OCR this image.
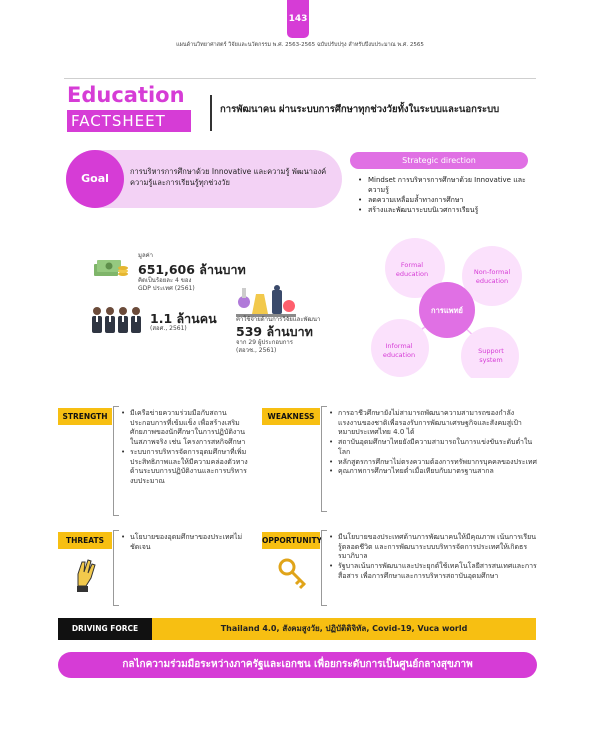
143
แผนด้านวิทยาศาสตร์ วิจัยและนวัตกรรม พ.ศ. 2563-2565 ฉบับปรับปรุง สำหรับปีงบประมาณ พ.ศ. 2565
Education
FACTSHEET
การพัฒนาคน ผ่านระบบการศึกษาทุกช่วงวัยทั้งในระบบและนอกระบบ
Goal
การบริหารการศึกษาด้วย Innovative และความรู้ พัฒนาองค์ความรู้และการเรียนรู้ทุกช่วงวัย
Strategic direction
• Mindset การบริหารการศึกษาด้วย Innovative และความรู้
• ลดความเหลื่อมล้ำทางการศึกษา
• สร้างและพัฒนาระบบนิเวศการเรียนรู้
มูลค่า
651,606 ล้านบาท
คิดเป็นร้อยละ 4 ของ
GDP ประเทศ (2561)
1.1 ล้านคน
(สอศ., 2561)
ค่าใช้จ่ายด้านการวิจัยและพัฒนา
539 ล้านบาท
จาก 29 ผู้ประกอบการ
(สอวช., 2561)
การแพทย์
Formal education	Non-formal education
Informal education	Support system
STRENGTH	• มีเครือข่ายความร่วมมือกับสถานประกอบการที่เข้มแข็ง เพื่อสร้างเสริมศักยภาพของนักศึกษาในการปฏิบัติงานในสภาพจริง เช่น โครงการสหกิจศึกษา
• ระบบการบริหารจัดการอุดมศึกษาที่เพิ่มประสิทธิภาพและให้มีความคล่องตัวทางด้านระบบการปฏิบัติงานและการบริหารงบประมาณ
WEAKNESS	• การอาชีวศึกษายังไม่สามารถพัฒนาความสามารถของกำลังแรงงานของชาติเพื่อรองรับการพัฒนาเศรษฐกิจและสังคมสู่เป้าหมายประเทศไทย 4.0 ได้
• สถาบันอุดมศึกษาไทยยังมีความสามารถในการแข่งขันระดับต่ำในโลก
• หลักสูตรการศึกษาไม่ตรงความต้องการทรัพยากรบุคคลของประเทศ
• คุณภาพการศึกษาไทยต่ำเมื่อเทียบกับมาตรฐานสากล
THREATS	• นโยบายของอุดมศึกษาของประเทศไม่ชัดเจน
OPPORTUNITY	• มีนโยบายของประเทศด้านการพัฒนาคนให้มีคุณภาพ เน้นการเรียนรู้ตลอดชีวิต และการพัฒนาระบบบริหารจัดการประเทศให้เกิดธรรมาภิบาล
• รัฐบาลเน้นการพัฒนาและประยุกต์ใช้เทคโนโลยีสารสนเทศและการสื่อสาร เพื่อการศึกษาและการบริหารสถาบันอุดมศึกษา
DRIVING FORCE	Thailand 4.0, สังคมสูงวัย, ปฏิบัติดิจิทัล, Covid-19, Vuca world
กลไกความร่วมมือระหว่างภาครัฐและเอกชน เพื่อยกระดับการเป็นศูนย์กลางสุขภาพ
